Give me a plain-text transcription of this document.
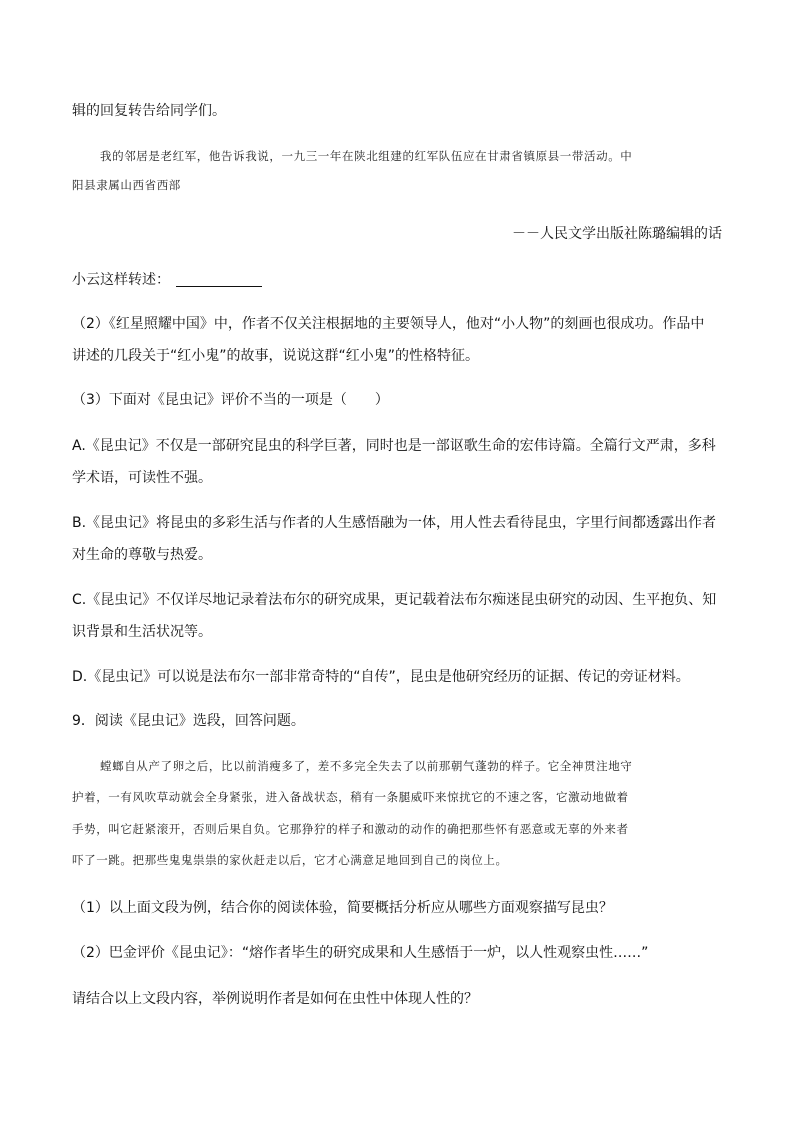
辑的回复转告给同学们。
我的邻居是老红军，他告诉我说，一九三一年在陕北组建的红军队伍应在甘肃省镇原县一带活动。中
阳县隶属山西省西部
－－人民文学出版社陈璐编辑的话
小云这样转述：
（2）《红星照耀中国》中，作者不仅关注根据地的主要领导人，他对“小人物”的刻画也很成功。作品中
讲述的几段关于“红小鬼”的故事，说说这群“红小鬼”的性格特征。
（3）下面对《昆虫记》评价不当的一项是（　　）
A.《昆虫记》不仅是一部研究昆虫的科学巨著，同时也是一部讴歌生命的宏伟诗篇。全篇行文严肃，多科
学术语，可读性不强。
B.《昆虫记》将昆虫的多彩生活与作者的人生感悟融为一体，用人性去看待昆虫，字里行间都透露出作者
对生命的尊敬与热爱。
C.《昆虫记》不仅详尽地记录着法布尔的研究成果，更记载着法布尔痴迷昆虫研究的动因、生平抱负、知
识背景和生活状况等。
D.《昆虫记》可以说是法布尔一部非常奇特的“自传”，昆虫是他研究经历的证据、传记的旁证材料。
9．阅读《昆虫记》选段，回答问题。
螳螂自从产了卵之后，比以前消瘦多了，差不多完全失去了以前那朝气蓬勃的样子。它全神贯注地守
护着，一有风吹草动就会全身紧张，进入备战状态，稍有一条腿威吓来惊扰它的不速之客，它激动地做着
手势，叫它赶紧滚开，否则后果自负。它那狰狞的样子和激动的动作的确把那些怀有恶意或无辜的外来者
吓了一跳。把那些鬼鬼祟祟的家伙赶走以后，它才心满意足地回到自己的岗位上。
（1）以上面文段为例，结合你的阅读体验，简要概括分析应从哪些方面观察描写昆虫？
（2）巴金评价《昆虫记》：“熔作者毕生的研究成果和人生感悟于一炉，以人性观察虫性……”
请结合以上文段内容，举例说明作者是如何在虫性中体现人性的？
